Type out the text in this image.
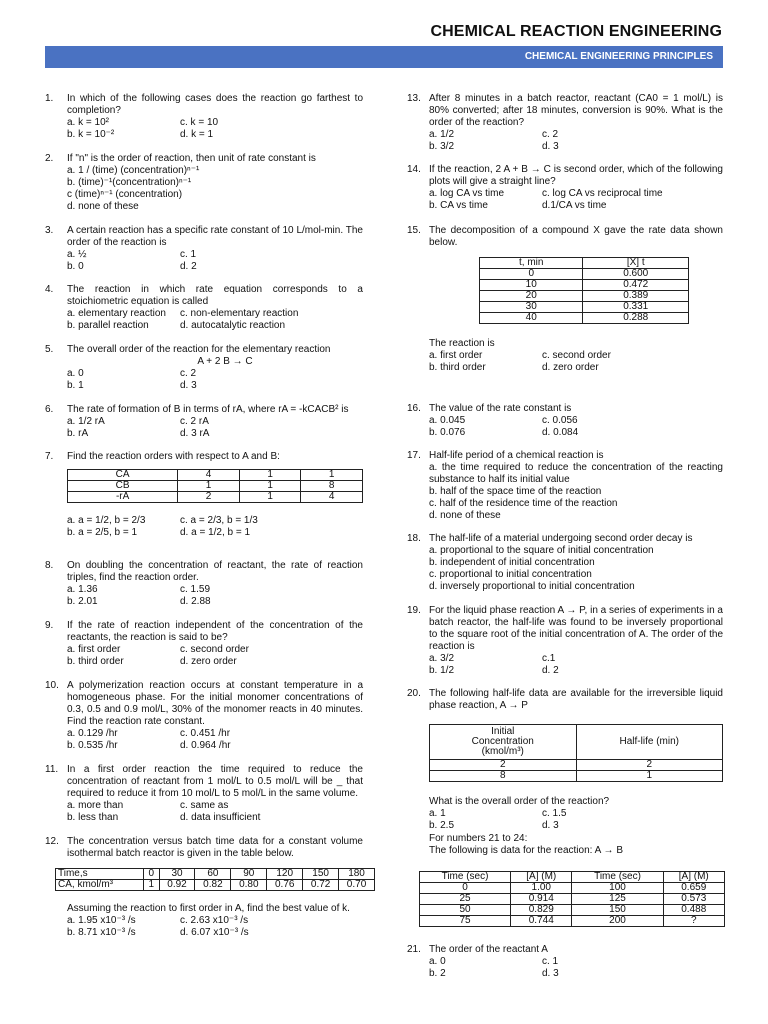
CHEMICAL REACTION ENGINEERING
CHEMICAL ENGINEERING PRINCIPLES
1.	In which of the following cases does the reaction go farthest to completion?
a. k = 10²	c. k = 10
b. k = 10⁻²	d. k = 1
2.	If "n" is the order of reaction, then unit of rate constant is
a. 1 / (time) (concentration)ⁿ⁻¹
b. (time)⁻¹(concentration)ⁿ⁻¹
c (time)ⁿ⁻¹ (concentration)
d. none of these
3.	A certain reaction has a specific rate constant of 10 L/mol-min. The order of the reaction is
a. ½	c. 1
b. 0	d. 2
4.	The reaction in which rate equation corresponds to a stoichiometric equation is called
a. elementary reaction	c. non-elementary reaction
b. parallel reaction	d. autocatalytic reaction
5.	The overall order of the reaction for the elementary reaction
A + 2 B → C
a. 0	c. 2
b. 1	d. 3
6.	The rate of formation of B in terms of rA, where rA = -kCACB² is
a. 1/2 rA	c. 2 rA
b. rA	d. 3 rA
7.	Find the reaction orders with respect to A and B:
CA	4	1	1
CB	1	1	8
-rA	2	1	4
a. a = 1/2, b = 2/3	c. a = 2/3, b = 1/3
b. a = 2/5, b = 1	d. a = 1/2, b = 1
8.	On doubling the concentration of reactant, the rate of reaction triples, find the reaction order.
a. 1.36	c. 1.59
b. 2.01	d. 2.88
9.	If the rate of reaction independent of the concentration of the reactants, the reaction is said to be?
a. first order	c. second order
b. third order	d. zero order
10. A polymerization reaction occurs at constant temperature in a homogeneous phase. For the initial monomer concentrations of 0.3, 0.5 and 0.9 mol/L, 30% of the monomer reacts in 40 minutes. Find the reaction rate constant.
a. 0.129 /hr	c. 0.451 /hr
b. 0.535 /hr	d. 0.964 /hr
11. In a first order reaction the time required to reduce the concentration of reactant from 1 mol/L to 0.5 mol/L will be _ that required to reduce it from 10 mol/L to 5 mol/L in the same volume.
a. more than	c. same as
b. less than	d. data insufficient
12. The concentration versus batch time data for a constant volume isothermal batch reactor is given in the table below.
Time,s	0	30	60	90	120	150	180
CA, kmol/m³	1	0.92	0.82	0.80	0.76	0.72	0.70
Assuming the reaction to first order in A, find the best value of k.
a. 1.95 x10⁻³ /s	c. 2.63 x10⁻³ /s
b. 8.71 x10⁻³ /s	d. 6.07 x10⁻³ /s
13. After 8 minutes in a batch reactor, reactant (CA0 = 1 mol/L) is 80% converted; after 18 minutes, conversion is 90%. What is the order of the reaction?
a. 1/2	c. 2
b. 3/2	d. 3
14. If the reaction, 2 A + B → C is second order, which of the following plots will give a straight line?
a. log CA vs time	c. log CA vs reciprocal time
b. CA vs time	d.1/CA vs time
15. The decomposition of a compound X gave the rate data shown below.
t, min	[X] t
0	0.600
10	0.472
20	0.389
30	0.331
40	0.288
The reaction is
a. first order	c. second order
b. third order	d. zero order
16. The value of the rate constant is
a. 0.045	c. 0.056
b. 0.076	d. 0.084
17. Half-life period of a chemical reaction is
a. the time required to reduce the concentration of the reacting substance to half its initial value
b. half of the space time of the reaction
c. half of the residence time of the reaction
d. none of these
18. The half-life of a material undergoing second order decay is
a. proportional to the square of initial concentration
b. independent of initial concentration
c. proportional to initial concentration
d. inversely proportional to initial concentration
19. For the liquid phase reaction A → P, in a series of experiments in a batch reactor, the half-life was found to be inversely proportional to the square root of the initial concentration of A. The order of the reaction is
a. 3/2	c.1
b. 1/2	d. 2
20. The following half-life data are available for the irreversible liquid phase reaction, A → P
Initial Concentration (kmol/m³)	Half-life (min)
2	2
8	1
What is the overall order of the reaction?
a. 1	c. 1.5
b. 2.5	d. 3
For numbers 21 to 24:
The following is data for the reaction: A → B
Time (sec)	[A] (M)	Time (sec)	[A] (M)
0	1.00	100	0.659
25	0.914	125	0.573
50	0.829	150	0.488
75	0.744	200	?
21. The order of the reactant A
a. 0	c. 1
b. 2	d. 3
